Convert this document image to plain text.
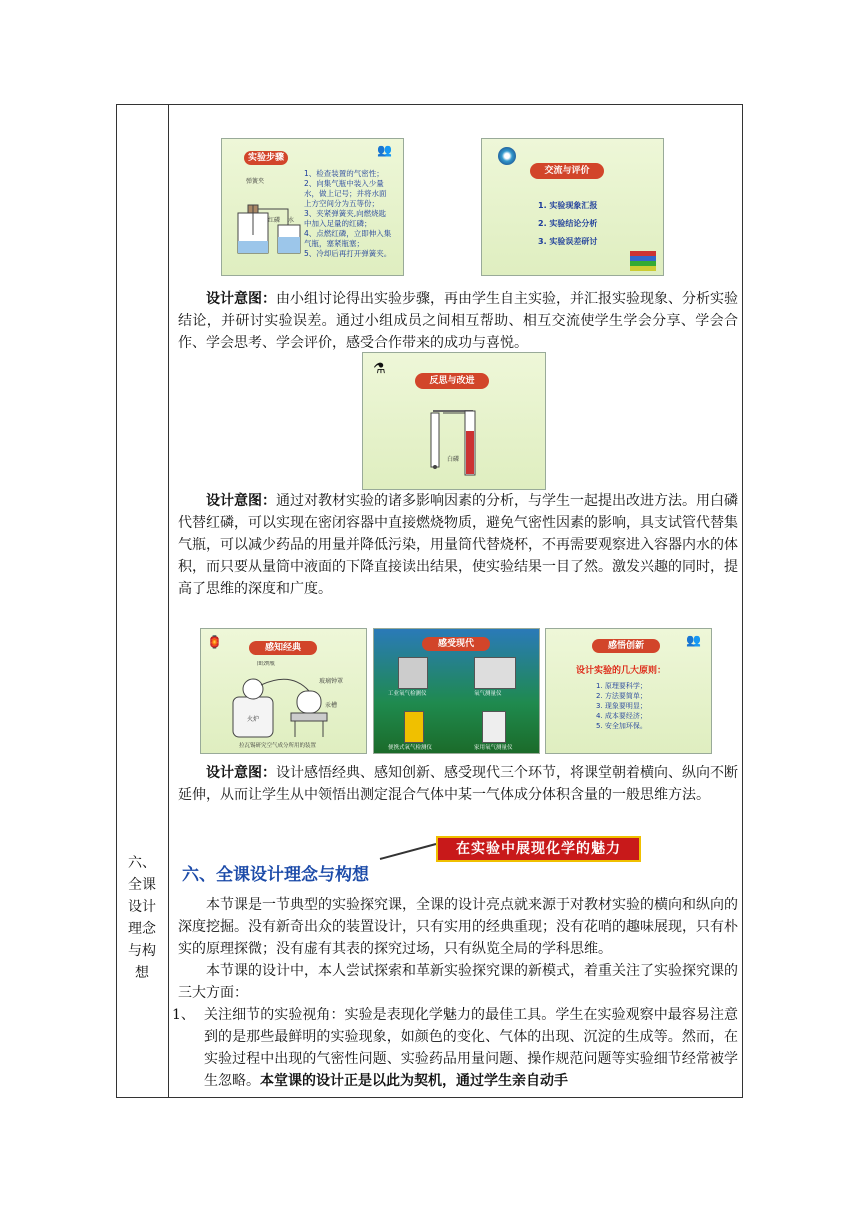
六、
全课
设计
理念
与构
想
实验步骤
弹簧夹
红磷 水
👥
1、检查装置的气密性；
2、向集气瓶中装入少量
水，做上记号；并将水面
上方空间分为五等份；
3、夹紧弹簧夹,向燃烧匙
中加入足量的红磷；
4、点燃红磷，立即伸入集
气瓶，塞紧瓶塞；
5、冷却后再打开弹簧夹。
交流与评价
1. 实验现象汇报
2. 实验结论分析
3. 实验误差研讨
设计意图：由小组讨论得出实验步骤，再由学生自主实验，并汇报实验现象、分析实验结论，并研讨实验误差。通过小组成员之间相互帮助、相互交流使学生学会分享、学会合作、学会思考、学会评价，感受合作带来的成功与喜悦。
⚗
反思与改进
白磷
设计意图：通过对教材实验的诸多影响因素的分析，与学生一起提出改进方法。用白磷代替红磷，可以实现在密闭容器中直接燃烧物质，避免气密性因素的影响，具支试管代替集气瓶，可以减少药品的用量并降低污染，用量筒代替烧杯，不再需要观察进入容器内水的体积，而只要从量筒中液面的下降直接读出结果，使实验结果一目了然。激发兴趣的同时，提高了思维的深度和广度。
🏮	感知经典
曲颈瓶
汞槽
玻璃钟罩
火炉
拉瓦锡研究空气成分所用的装置
感受现代
工业氧气检测仪	氧气测量仪
便携式氧气检测仪	家用氧气测量仪
感悟创新	👥
设计实验的几大原则：
1. 原理要科学；
2. 方法要简单；
3. 现象要明显；
4. 成本要经济；
5. 安全加环保。
设计意图：设计感悟经典、感知创新、感受现代三个环节，将课堂朝着横向、纵向不断延伸，从而让学生从中领悟出测定混合气体中某一气体成分体积含量的一般思维方法。
在实验中展现化学的魅力
六、全课设计理念与构想
本节课是一节典型的实验探究课，全课的设计亮点就来源于对教材实验的横向和纵向的深度挖掘。没有新奇出众的装置设计，只有实用的经典重现；没有花哨的趣味展现，只有朴实的原理探微；没有虚有其表的探究过场，只有纵览全局的学科思维。
本节课的设计中，本人尝试探索和革新实验探究课的新模式，着重关注了实验探究课的三大方面：
1、 关注细节的实验视角：实验是表现化学魅力的最佳工具。学生在实验观察中最容易注意到的是那些最鲜明的实验现象，如颜色的变化、气体的出现、沉淀的生成等。然而，在实验过程中出现的气密性问题、实验药品用量问题、操作规范问题等实验细节经常被学生忽略。本堂课的设计正是以此为契机，通过学生亲自动手
